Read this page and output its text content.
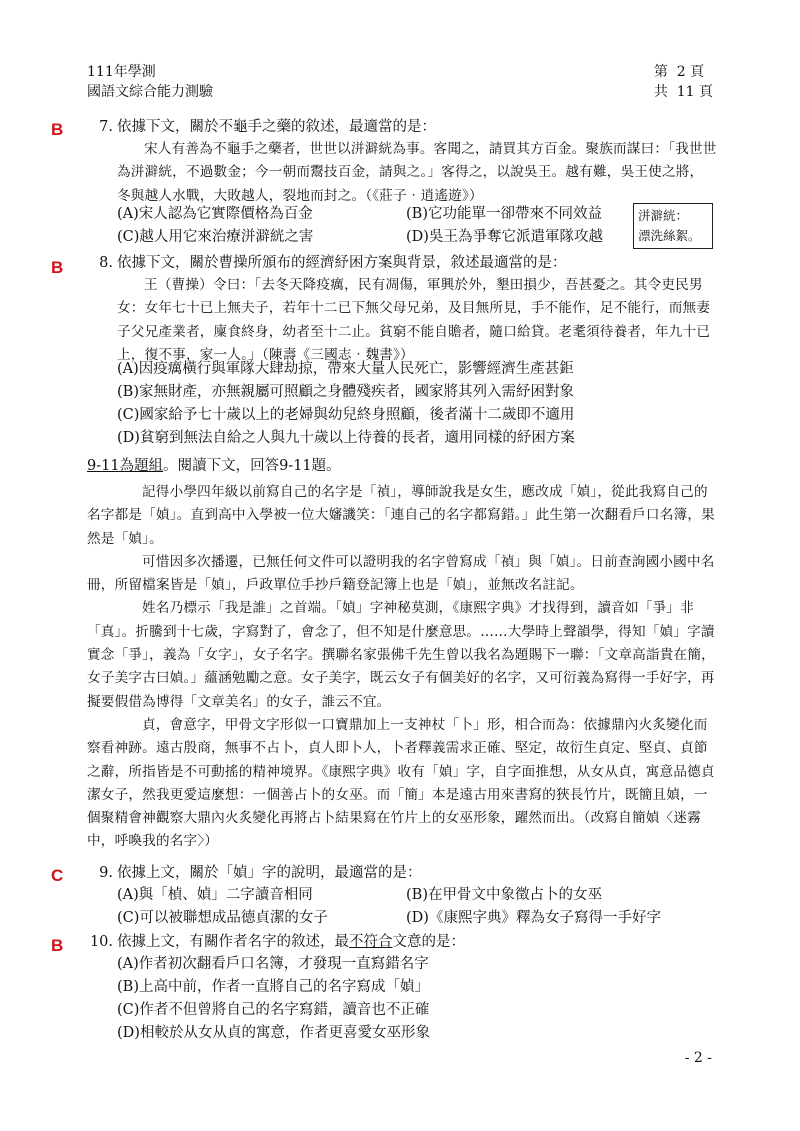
111年學測
國語文綜合能力測驗
第  2 頁
共  11 頁
B	7. 依據下文，關於不龜手之藥的敘述，最適當的是：

宋人有善為不龜手之藥者，世世以洴澼絖為事。客聞之，請買其方百金。聚族而謀曰：「我世世為洴澼絖，不過數金；今一朝而鬻技百金，請與之。」客得之，以說吳王。越有難，吳王使之將，冬與越人水戰，大敗越人，裂地而封之。（《莊子‧逍遙遊》）

(A)宋人認為它實際價格為百金	(B)它功能單一卻帶來不同效益
(C)越人用它來治療洴澼絖之害	(D)吳王為爭奪它派遣軍隊攻越
洴澼絖：
漂洗絲絮。
B	8. 依據下文，關於曹操所頒布的經濟紓困方案與背景，敘述最適當的是：

王（曹操）令曰：「去冬天降疫癘，民有凋傷，軍興於外，墾田損少，吾甚憂之。其令吏民男女：女年七十已上無夫子，若年十二已下無父母兄弟，及目無所見，手不能作，足不能行，而無妻子父兄產業者，廩食終身，幼者至十二止。貧窮不能自贍者，隨口給貸。老耄須待養者，年九十已上，復不事，家一人。」（陳壽《三國志‧魏書》）

(A)因疫癘橫行與軍隊大肆劫掠，帶來大量人民死亡，影響經濟生產甚鉅
(B)家無財產，亦無親屬可照顧之身體殘疾者，國家將其列入需紓困對象
(C)國家給予七十歲以上的老婦與幼兒終身照顧，後者滿十二歲即不適用
(D)貧窮到無法自給之人與九十歲以上待養的長者，適用同樣的紓困方案
9-11為題組。閱讀下文，回答9-11題。

記得小學四年級以前寫自己的名字是「禎」，導師說我是女生，應改成「媜」，從此我寫自己的名字都是「媜」。直到高中入學被一位大嬸譏笑：「連自己的名字都寫錯。」此生第一次翻看戶口名簿，果然是「媜」。

可惜因多次播遷，已無任何文件可以證明我的名字曾寫成「禎」與「媜」。日前查詢國小國中名冊，所留檔案皆是「媜」，戶政單位手抄戶籍登記簿上也是「媜」，並無改名註記。

姓名乃標示「我是誰」之首端。「媜」字神秘莫測，《康熙字典》才找得到，讀音如「爭」非「真」。折騰到十七歲，字寫對了，會念了，但不知是什麼意思。……大學時上聲韻學，得知「媜」字讀實念「爭」，義為「女字」，女子名字。撰聯名家張佛千先生曾以我名為題賜下一聯：「文章高詣貴在簡，女子美字古曰媜。」蘊涵勉勵之意。女子美字，既云女子有個美好的名字，又可衍義為寫得一手好字，再擬要假借為博得「文章美名」的女子，誰云不宜。

貞，會意字，甲骨文字形似一口寶鼎加上一支神杖「卜」形，相合而為：依據鼎內火炙變化而察看神跡。遠古殷商，無事不占卜，貞人即卜人，卜者釋義需求正確、堅定，故衍生貞定、堅貞、貞節之辭，所指皆是不可動搖的精神境界。《康熙字典》收有「媜」字，自字面推想，从女从貞，寓意品德貞潔女子，然我更愛這麼想：一個善占卜的女巫。而「簡」本是遠古用來書寫的狹長竹片，既簡且媜，一個聚精會神觀察大鼎內火炙變化再將占卜結果寫在竹片上的女巫形象，躍然而出。（改寫自簡媜〈迷霧中，呼喚我的名字〉）

C	9. 依據上文，關於「媜」字的說明，最適當的是：
(A)與「楨、媜」二字讀音相同	(B)在甲骨文中象徵占卜的女巫
(C)可以被聯想成品德貞潔的女子	(D)《康熙字典》釋為女子寫得一手好字
B 10. 依據上文，有關作者名字的敘述，最不符合文意的是：
(A)作者初次翻看戶口名簿，才發現一直寫錯名字
(B)上高中前，作者一直將自己的名字寫成「媜」
(C)作者不但曾將自己的名字寫錯，讀音也不正確
(D)相較於从女从貞的寓意，作者更喜愛女巫形象
- 2 -
